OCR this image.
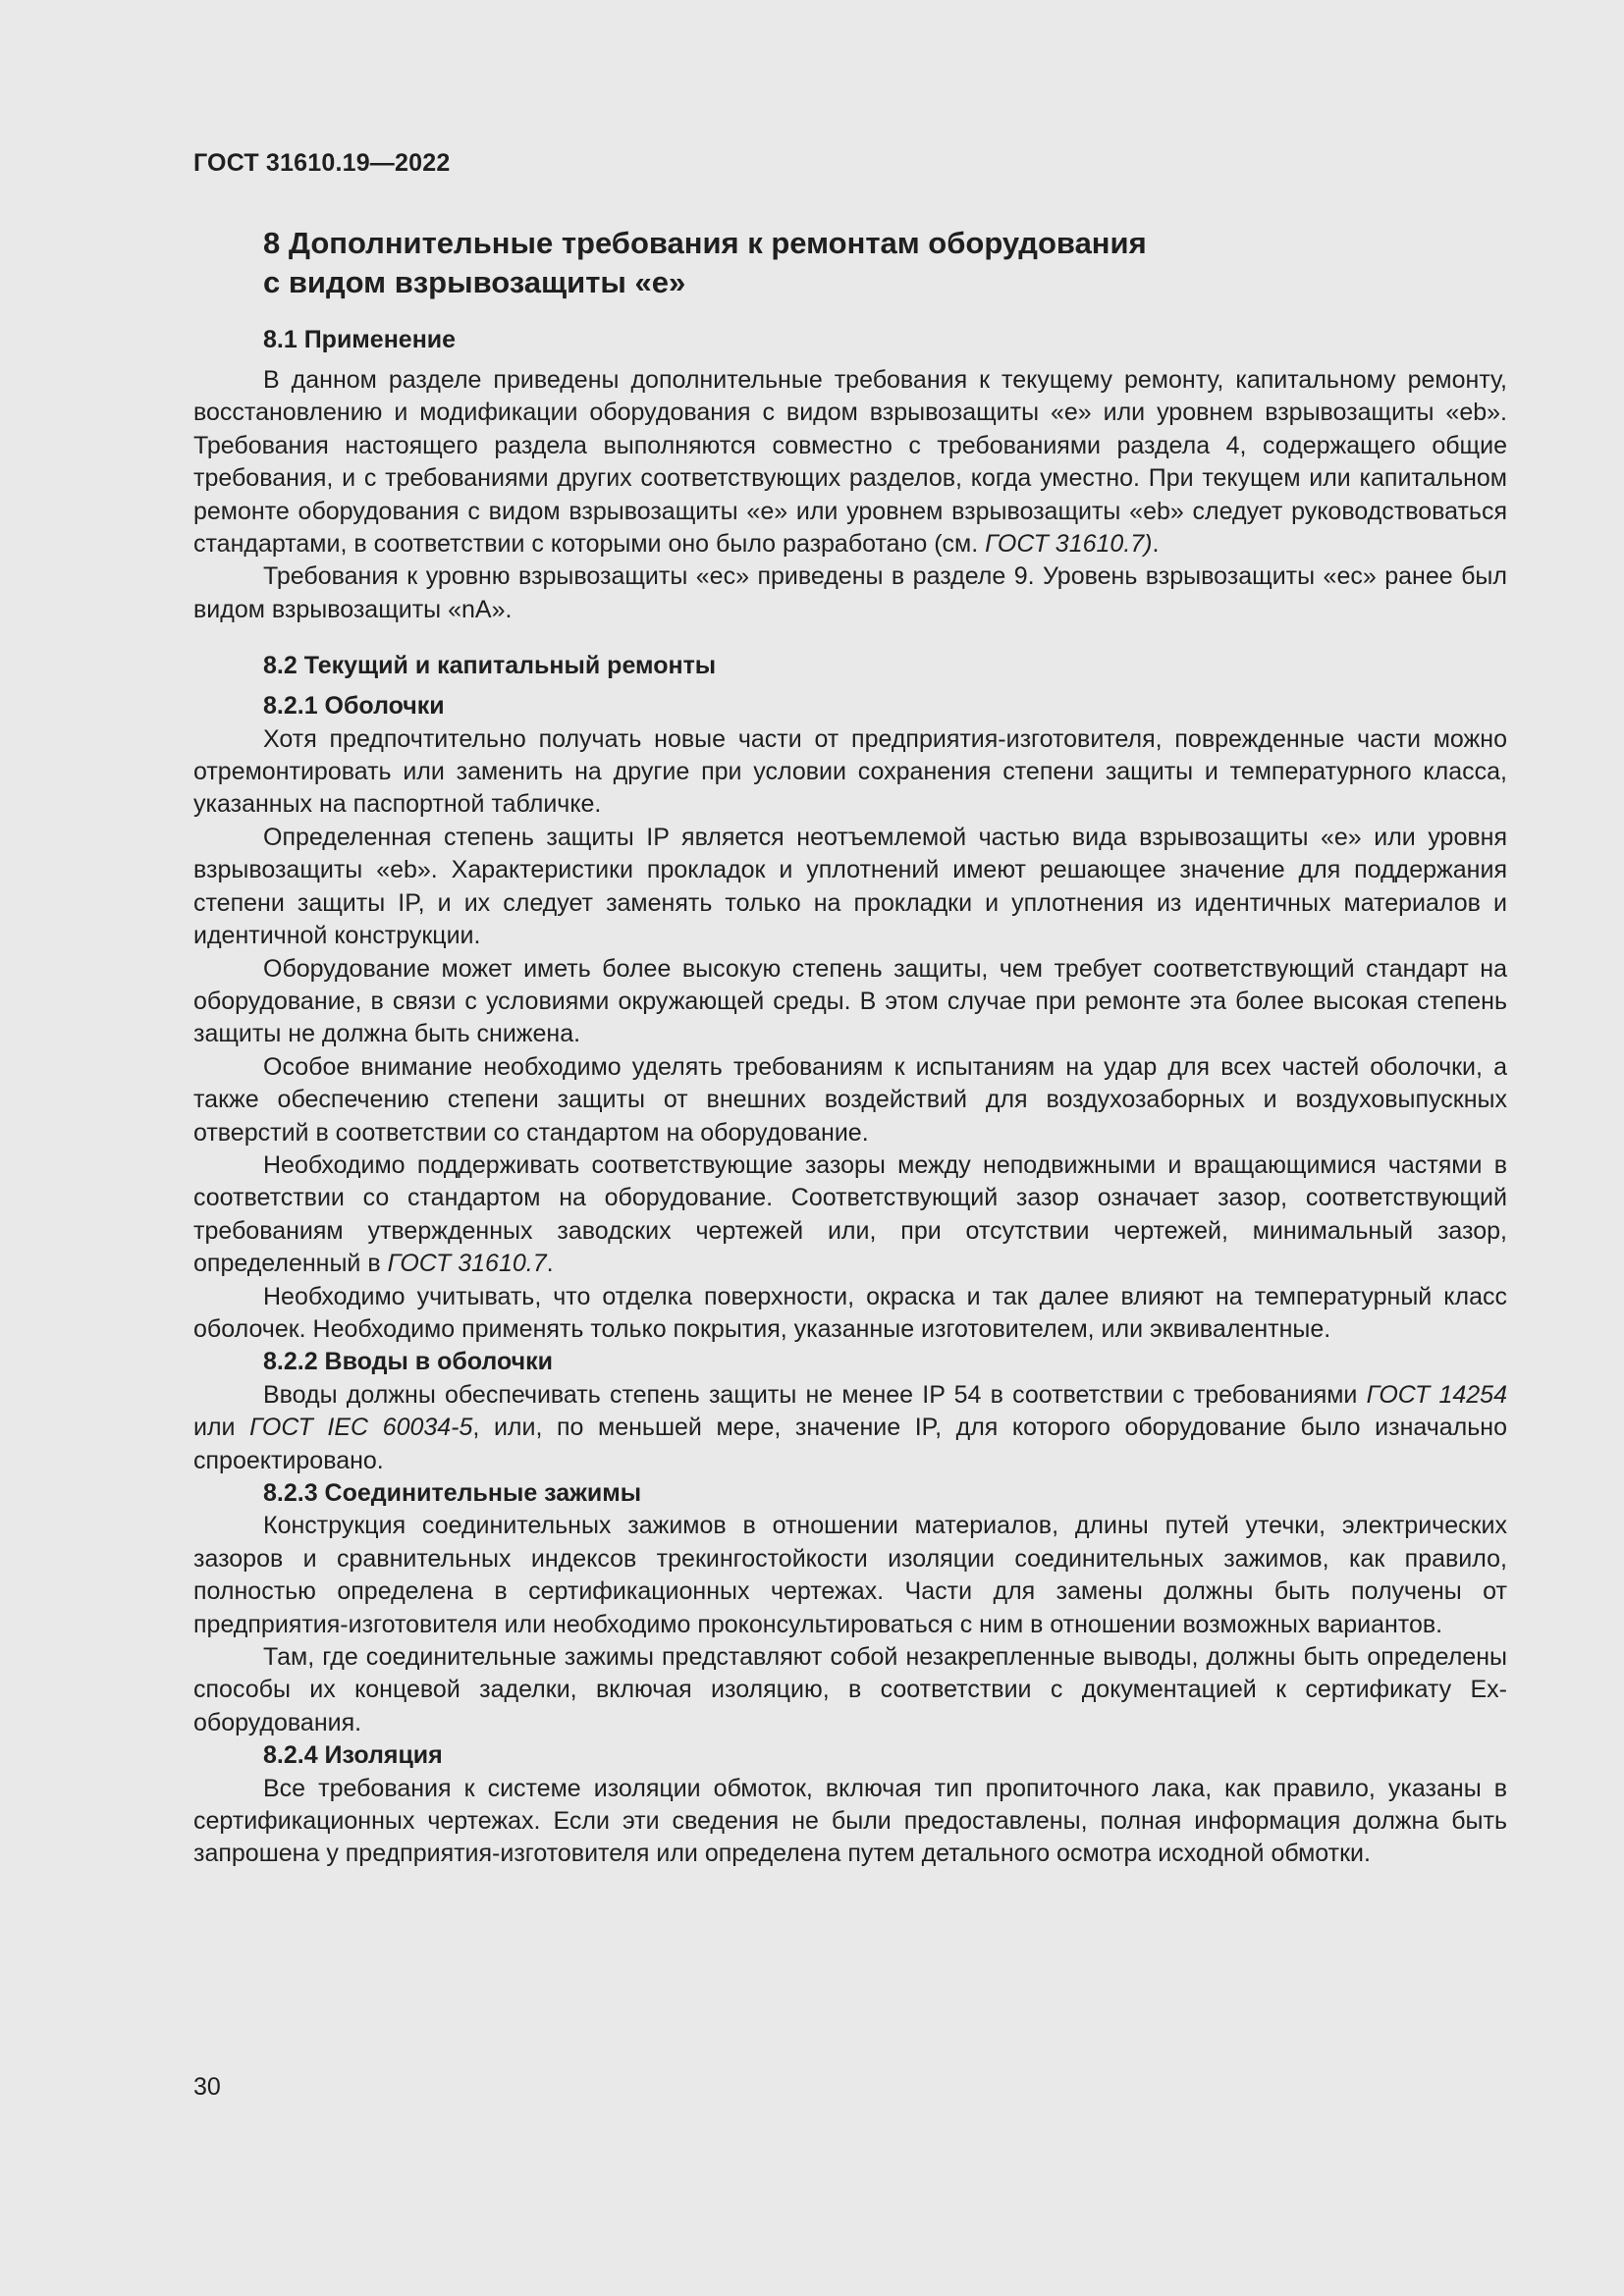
ГОСТ 31610.19—2022
8 Дополнительные требования к ремонтам оборудования
с видом взрывозащиты «е»
8.1 Применение

В данном разделе приведены дополнительные требования к текущему ремонту, капитальному ремонту, восстановлению и модификации оборудования с видом взрывозащиты «е» или уровнем взрывозащиты «eb». Требования настоящего раздела выполняются совместно с требованиями раздела 4, содержащего общие требования, и с требованиями других соответствующих разделов, когда уместно. При текущем или капитальном ремонте оборудования с видом взрывозащиты «е» или уровнем взрывозащиты «eb» следует руководствоваться стандартами, в соответствии с которыми оно было разработано (см. ГОСТ 31610.7).

Требования к уровню взрывозащиты «ес» приведены в разделе 9. Уровень взрывозащиты «ес» ранее был видом взрывозащиты «nA».

8.2 Текущий и капитальный ремонты
8.2.1 Оболочки

Хотя предпочтительно получать новые части от предприятия-изготовителя, поврежденные части можно отремонтировать или заменить на другие при условии сохранения степени защиты и температурного класса, указанных на паспортной табличке.

Определенная степень защиты IP является неотъемлемой частью вида взрывозащиты «е» или уровня взрывозащиты «eb». Характеристики прокладок и уплотнений имеют решающее значение для поддержания степени защиты IP, и их следует заменять только на прокладки и уплотнения из идентичных материалов и идентичной конструкции.

Оборудование может иметь более высокую степень защиты, чем требует соответствующий стандарт на оборудование, в связи с условиями окружающей среды. В этом случае при ремонте эта более высокая степень защиты не должна быть снижена.

Особое внимание необходимо уделять требованиям к испытаниям на удар для всех частей оболочки, а также обеспечению степени защиты от внешних воздействий для воздухозаборных и воздуховыпускных отверстий в соответствии со стандартом на оборудование.

Необходимо поддерживать соответствующие зазоры между неподвижными и вращающимися частями в соответствии со стандартом на оборудование. Соответствующий зазор означает зазор, соответствующий требованиям утвержденных заводских чертежей или, при отсутствии чертежей, минимальный зазор, определенный в ГОСТ 31610.7.

Необходимо учитывать, что отделка поверхности, окраска и так далее влияют на температурный класс оболочек. Необходимо применять только покрытия, указанные изготовителем, или эквивалентные.

8.2.2 Вводы в оболочки

Вводы должны обеспечивать степень защиты не менее IP 54 в соответствии с требованиями ГОСТ 14254 или ГОСТ IEC 60034-5, или, по меньшей мере, значение IP, для которого оборудование было изначально спроектировано.

8.2.3 Соединительные зажимы

Конструкция соединительных зажимов в отношении материалов, длины путей утечки, электрических зазоров и сравнительных индексов трекингостойкости изоляции соединительных зажимов, как правило, полностью определена в сертификационных чертежах. Части для замены должны быть получены от предприятия-изготовителя или необходимо проконсультироваться с ним в отношении возможных вариантов.

Там, где соединительные зажимы представляют собой незакрепленные выводы, должны быть определены способы их концевой заделки, включая изоляцию, в соответствии с документацией к сертификату Ex-оборудования.

8.2.4 Изоляция

Все требования к системе изоляции обмоток, включая тип пропиточного лака, как правило, указаны в сертификационных чертежах. Если эти сведения не были предоставлены, полная информация должна быть запрошена у предприятия-изготовителя или определена путем детального осмотра исходной обмотки.

30
